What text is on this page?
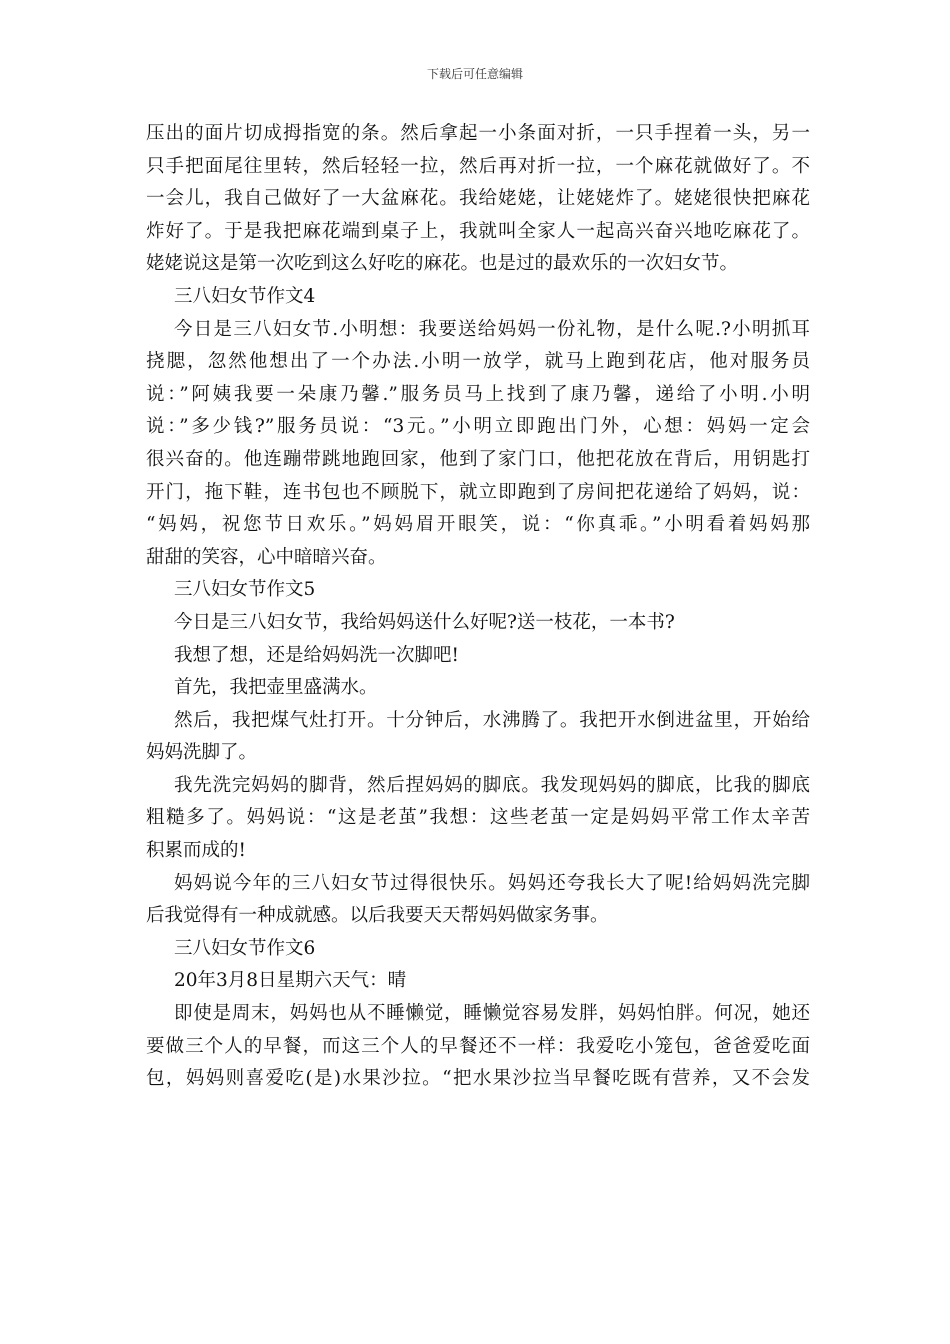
下载后可任意编辑

压出的面片切成拇指宽的条。然后拿起一小条面对折，一只手捏着一头，另一

只手把面尾往里转，然后轻轻一拉，然后再对折一拉，一个麻花就做好了。不

一会儿，我自己做好了一大盆麻花。我给姥姥，让姥姥炸了。姥姥很快把麻花

炸好了。于是我把麻花端到桌子上，我就叫全家人一起高兴奋兴地吃麻花了。

姥姥说这是第一次吃到这么好吃的麻花。也是过的最欢乐的一次妇女节。

三八妇女节作文4

今日是三八妇女节.小明想：我要送给妈妈一份礼物，是什么呢.?小明抓耳

挠腮，忽然他想出了一个办法.小明一放学，就马上跑到花店，他对服务员

说：”阿姨我要一朵康乃馨.”服务员马上找到了康乃馨，递给了小明.小明

说：”多少钱?”服务员说：“3元。”小明立即跑出门外，心想：妈妈一定会

很兴奋的。他连蹦带跳地跑回家，他到了家门口，他把花放在背后，用钥匙打

开门，拖下鞋，连书包也不顾脱下，就立即跑到了房间把花递给了妈妈，说：

“妈妈，祝您节日欢乐。”妈妈眉开眼笑，说：“你真乖。”小明看着妈妈那

甜甜的笑容，心中暗暗兴奋。

三八妇女节作文5

今日是三八妇女节，我给妈妈送什么好呢?送一枝花，一本书?

我想了想，还是给妈妈洗一次脚吧!

首先，我把壶里盛满水。

然后，我把煤气灶打开。十分钟后，水沸腾了。我把开水倒进盆里，开始给

妈妈洗脚了。

我先洗完妈妈的脚背，然后捏妈妈的脚底。我发现妈妈的脚底，比我的脚底

粗糙多了。妈妈说：“这是老茧”我想：这些老茧一定是妈妈平常工作太辛苦

积累而成的!

妈妈说今年的三八妇女节过得很快乐。妈妈还夸我长大了呢!给妈妈洗完脚

后我觉得有一种成就感。以后我要天天帮妈妈做家务事。

三八妇女节作文6

20年3月8日星期六天气：晴

即使是周末，妈妈也从不睡懒觉，睡懒觉容易发胖，妈妈怕胖。何况，她还

要做三个人的早餐，而这三个人的早餐还不一样：我爱吃小笼包，爸爸爱吃面

包，妈妈则喜爱吃(是)水果沙拉。“把水果沙拉当早餐吃既有营养，又不会发
